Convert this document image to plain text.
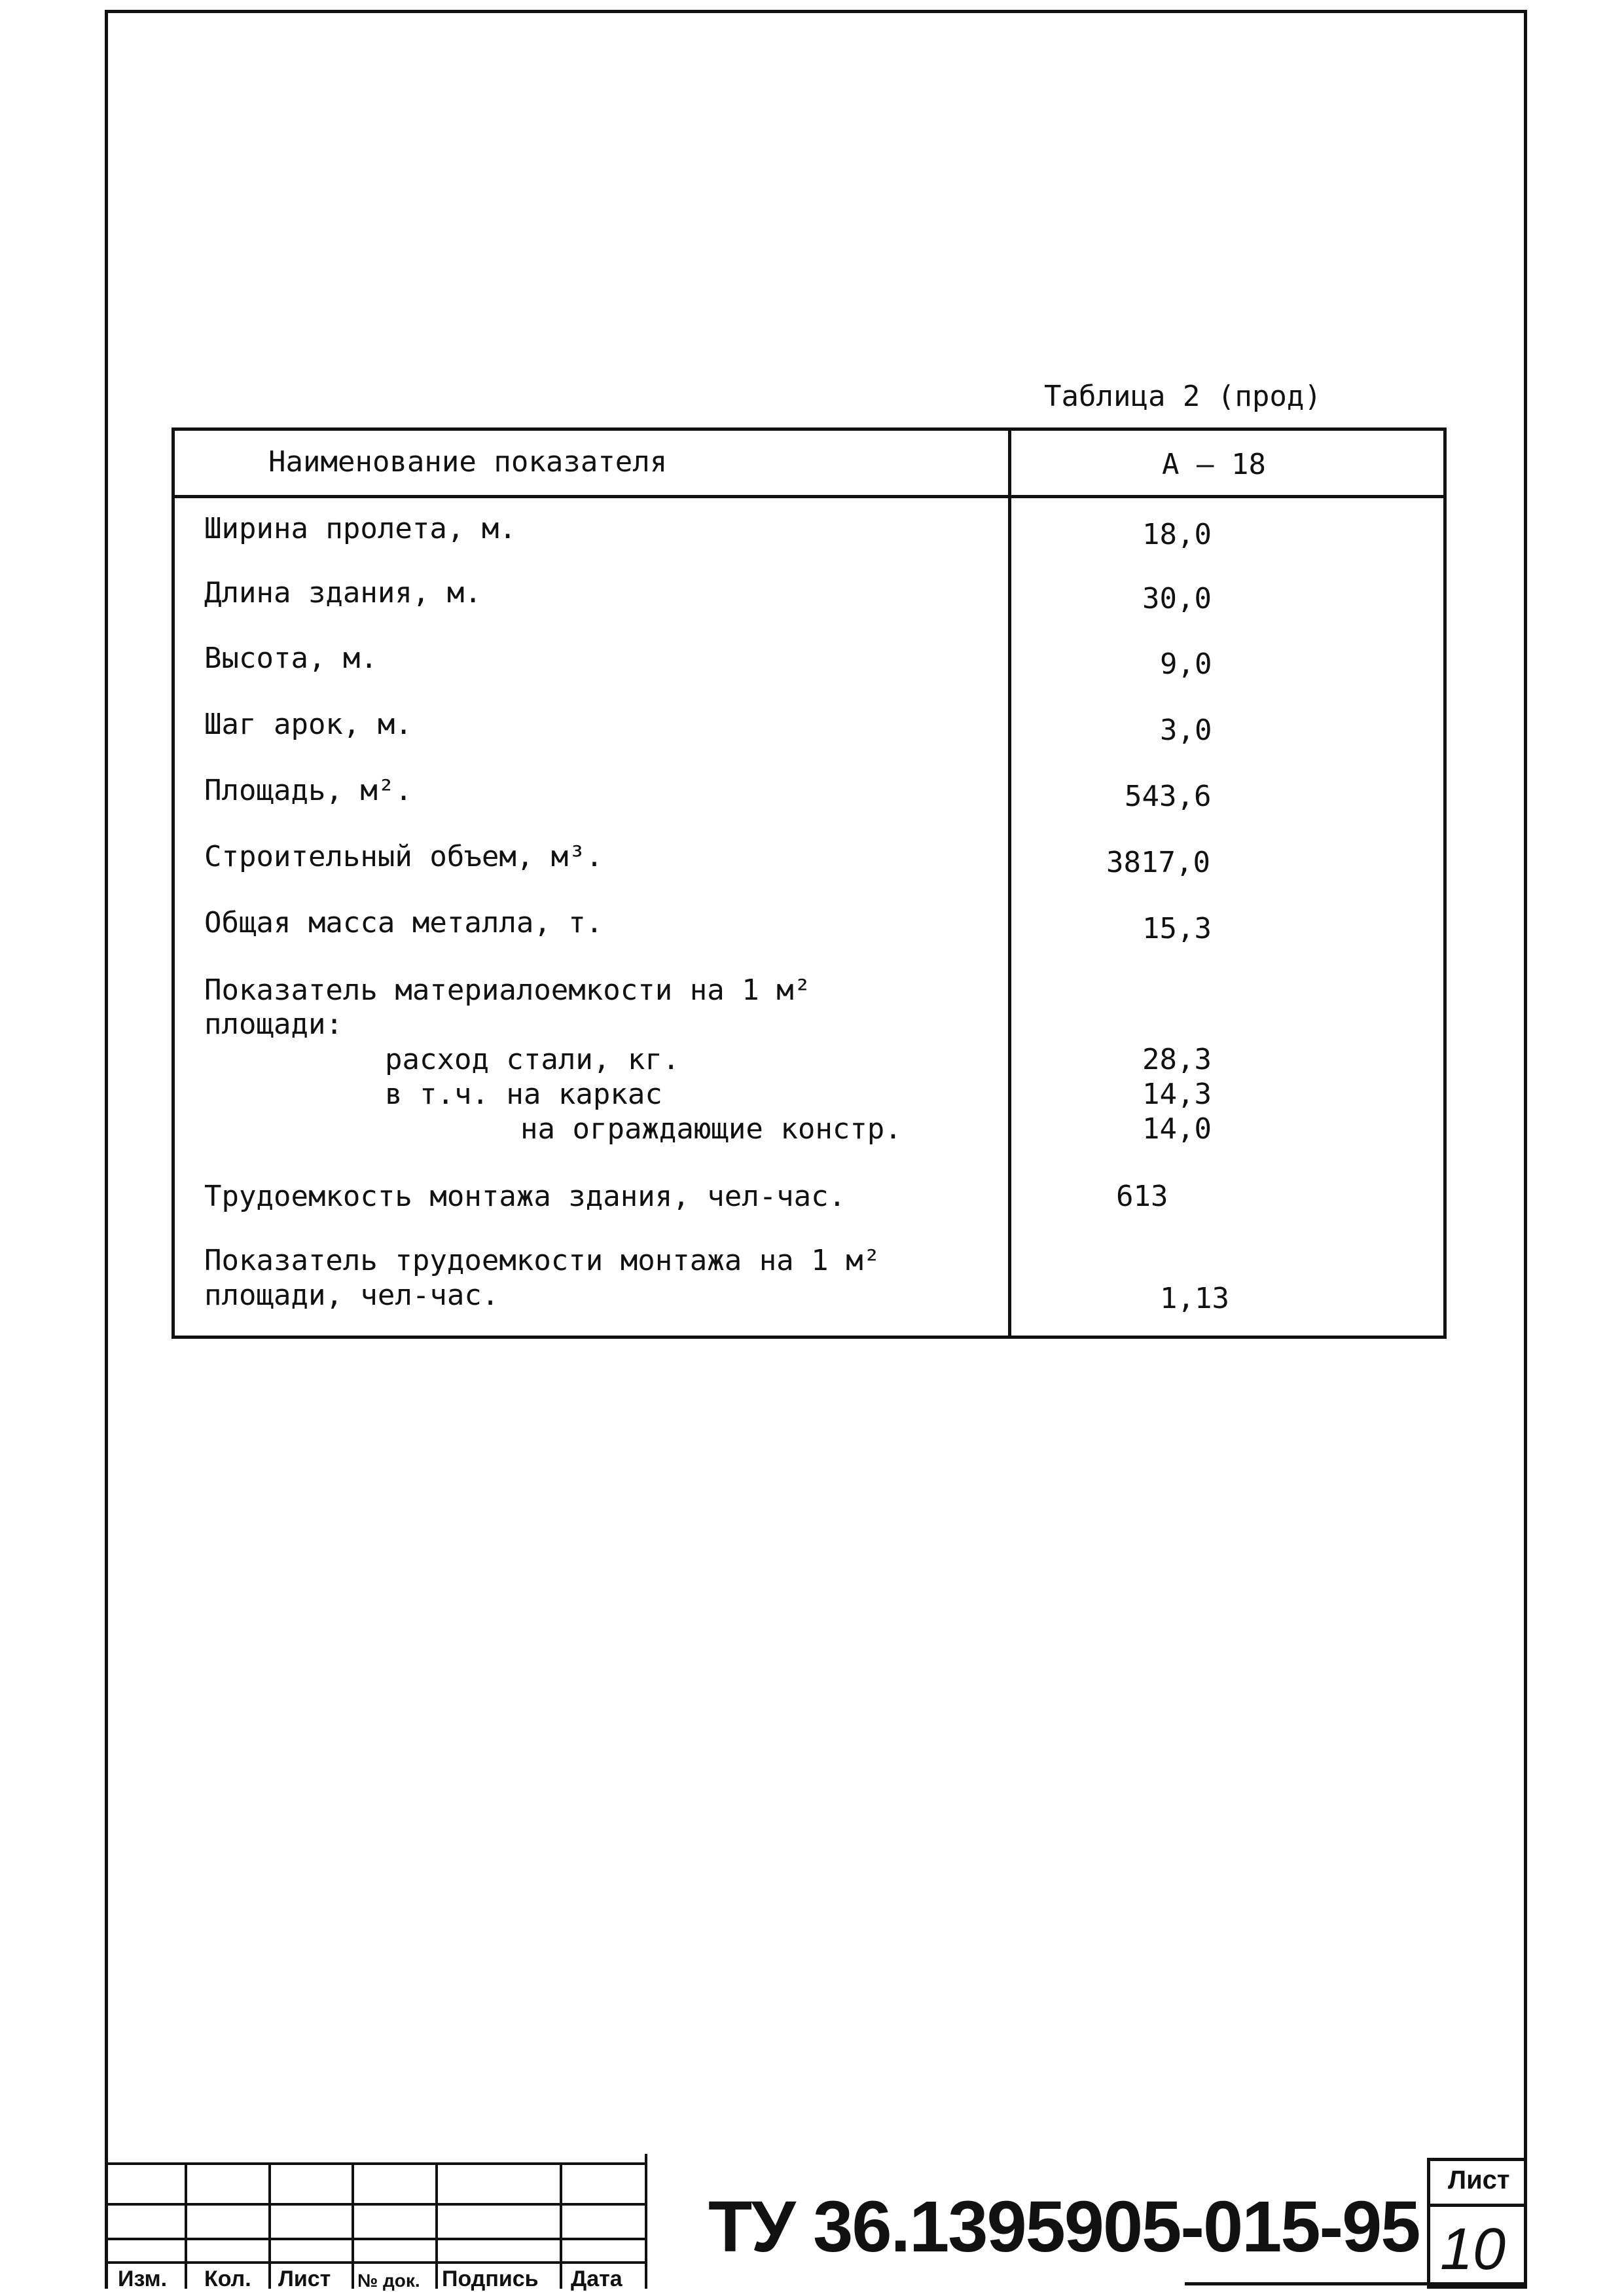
Таблица 2 (прод)
Наименование показателя	А – 18
Ширина пролета, м.	18,0
Длина здания, м.	30,0
Высота, м.	9,0
Шаг арок, м.	3,0
Площадь, м².	543,6
Строительный объем, м³.	3817,0
Общая масса металла, т.	15,3
Показатель материалоемкости на 1 м²
площади:
расход стали, кг.	28,3
в т.ч. на каркас	14,3
на ограждающие констр.	14,0
Трудоемкость монтажа здания, чел-час.	613
Показатель трудоемкости монтажа на 1 м²
площади, чел-час.	1,13
Изм. Кол. Лист № док. Подпись Дата
ТУ 36.1395905-015-95
Лист
10
